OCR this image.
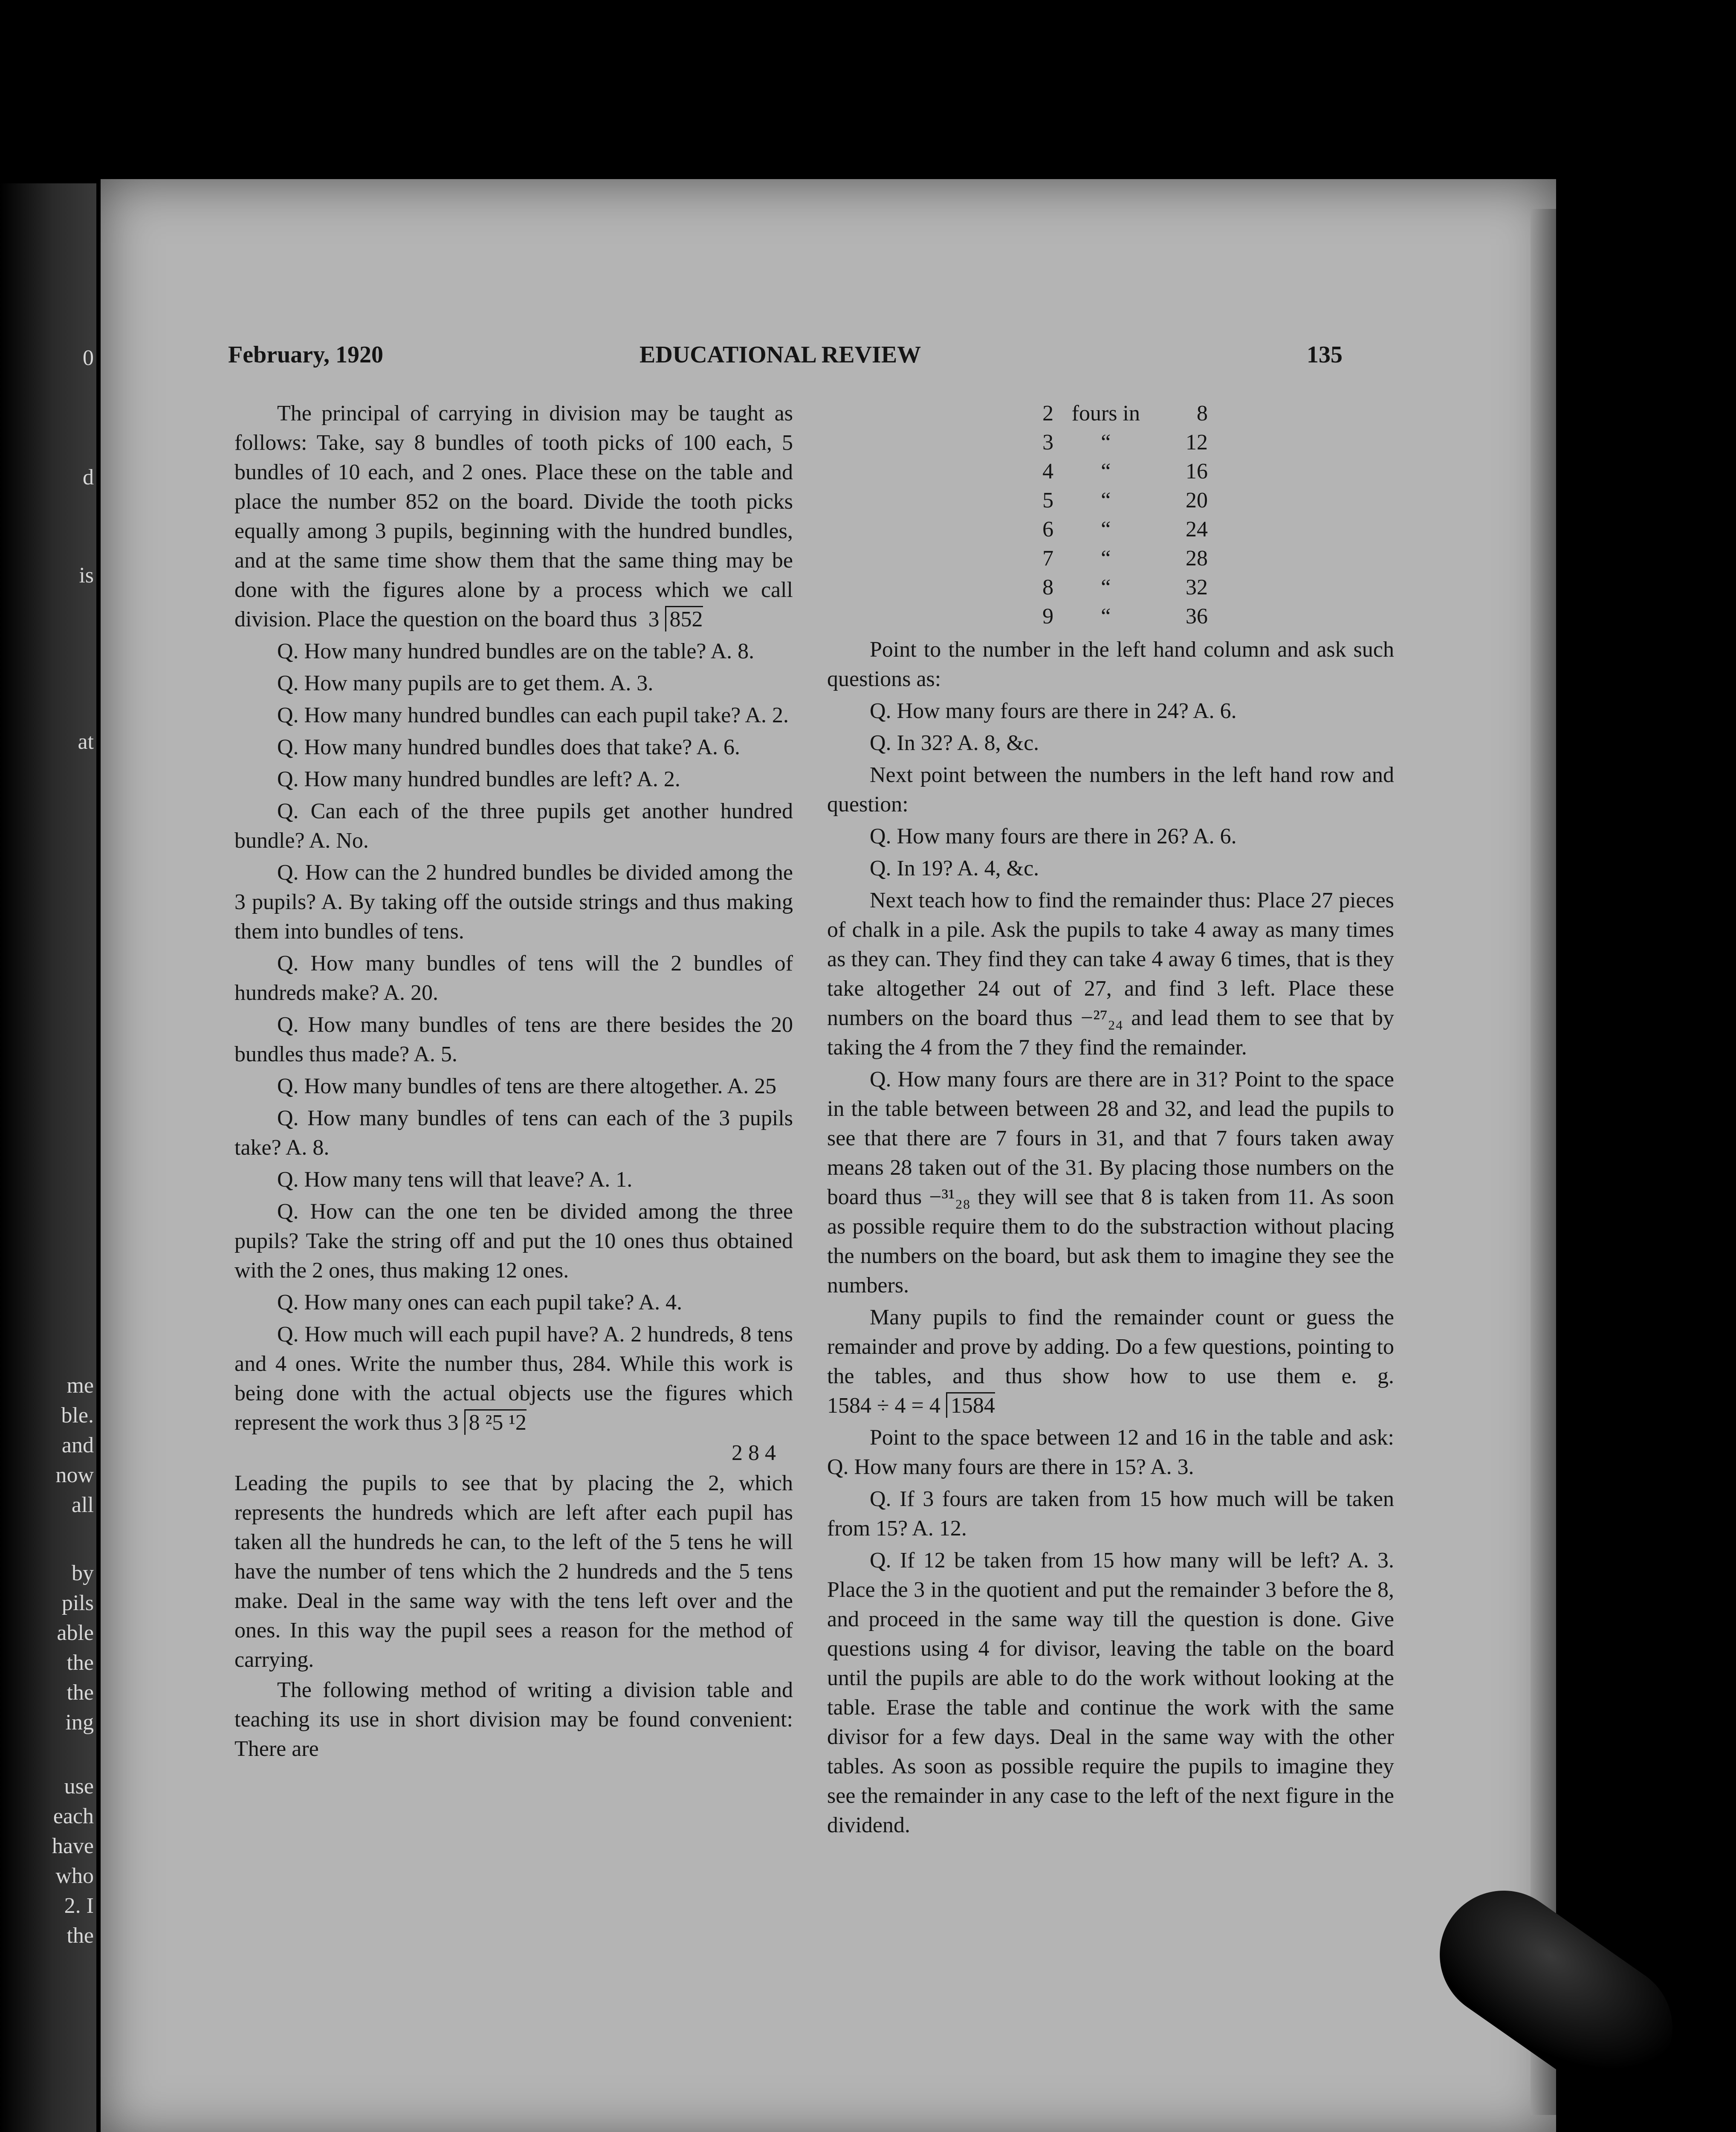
0
d
is
at
me
ble.
and
now
all
by
pils
able
the
the
ing
use
each
have
who
2. I
the
February, 1920	EDUCATIONAL REVIEW	135

The principal of carrying in division may be taught as follows: Take, say 8 bundles of tooth picks of 100 each, 5 bundles of 10 each, and 2 ones. Place these on the table and place the number 852 on the board. Divide the tooth picks equally among 3 pupils, beginning with the hundred bundles, and at the same time show them that the same thing may be done with the figures alone by a process which we call division. Place the question on the board thus 3 852

Q. How many hundred bundles are on the table? A. 8.

Q. How many pupils are to get them. A. 3.

Q. How many hundred bundles can each pupil take? A. 2.

Q. How many hundred bundles does that take? A. 6.

Q. How many hundred bundles are left? A. 2.

Q. Can each of the three pupils get another hundred bundle? A. No.

Q. How can the 2 hundred bundles be divided among the 3 pupils? A. By taking off the outside strings and thus making them into bundles of tens.

Q. How many bundles of tens will the 2 bundles of hundreds make? A. 20.

Q. How many bundles of tens are there besides the 20 bundles thus made? A. 5.

Q. How many bundles of tens are there altogether. A. 25

Q. How many bundles of tens can each of the 3 pupils take? A. 8.

Q. How many tens will that leave? A. 1.

Q. How can the one ten be divided among the three pupils? Take the string off and put the 10 ones thus obtained with the 2 ones, thus making 12 ones.

Q. How many ones can each pupil take? A. 4.

Q. How much will each pupil have? A. 2 hundreds, 8 tens and 4 ones. Write the number thus, 284. While this work is being done with the actual objects use the figures which represent the work thus 3 8 ²5 ¹2

2 8 4

Leading the pupils to see that by placing the 2, which represents the hundreds which are left after each pupil has taken all the hundreds he can, to the left of the 5 tens he will have the number of tens which the 2 hundreds and the 5 tens make. Deal in the same way with the tens left over and the ones. In this way the pupil sees a reason for the method of carrying.

The following method of writing a division table and teaching its use in short division may be found convenient: There are

2	fours in	8
3	“	12
4	“	16
5	“	20
6	“	24
7	“	28
8	“	32
9	“	36

Point to the number in the left hand column and ask such questions as:

Q. How many fours are there in 24? A. 6.

Q. In 32? A. 8, &c.

Next point between the numbers in the left hand row and question:

Q. How many fours are there in 26? A. 6.

Q. In 19? A. 4, &c.

Next teach how to find the remainder thus: Place 27 pieces of chalk in a pile. Ask the pupils to take 4 away as many times as they can. They find they can take 4 away 6 times, that is they take altogether 24 out of 27, and find 3 left. Place these numbers on the board thus −²⁷₂₄ and lead them to see that by taking the 4 from the 7 they find the remainder.

Q. How many fours are there are in 31? Point to the space in the table between between 28 and 32, and lead the pupils to see that there are 7 fours in 31, and that 7 fours taken away means 28 taken out of the 31. By placing those numbers on the board thus −³¹₂₈ they will see that 8 is taken from 11. As soon as possible require them to do the substraction without placing the numbers on the board, but ask them to imagine they see the numbers.

Many pupils to find the remainder count or guess the remainder and prove by adding. Do a few questions, pointing to the tables, and thus show how to use them e. g. 1584 ÷ 4 = 4 1584

Point to the space between 12 and 16 in the table and ask: Q. How many fours are there in 15? A. 3.

Q. If 3 fours are taken from 15 how much will be taken from 15? A. 12.

Q. If 12 be taken from 15 how many will be left? A. 3. Place the 3 in the quotient and put the remainder 3 before the 8, and proceed in the same way till the question is done. Give questions using 4 for divisor, leaving the table on the board until the pupils are able to do the work without looking at the table. Erase the table and continue the work with the same divisor for a few days. Deal in the same way with the other tables. As soon as possible require the pupils to imagine they see the remainder in any case to the left of the next figure in the dividend.
